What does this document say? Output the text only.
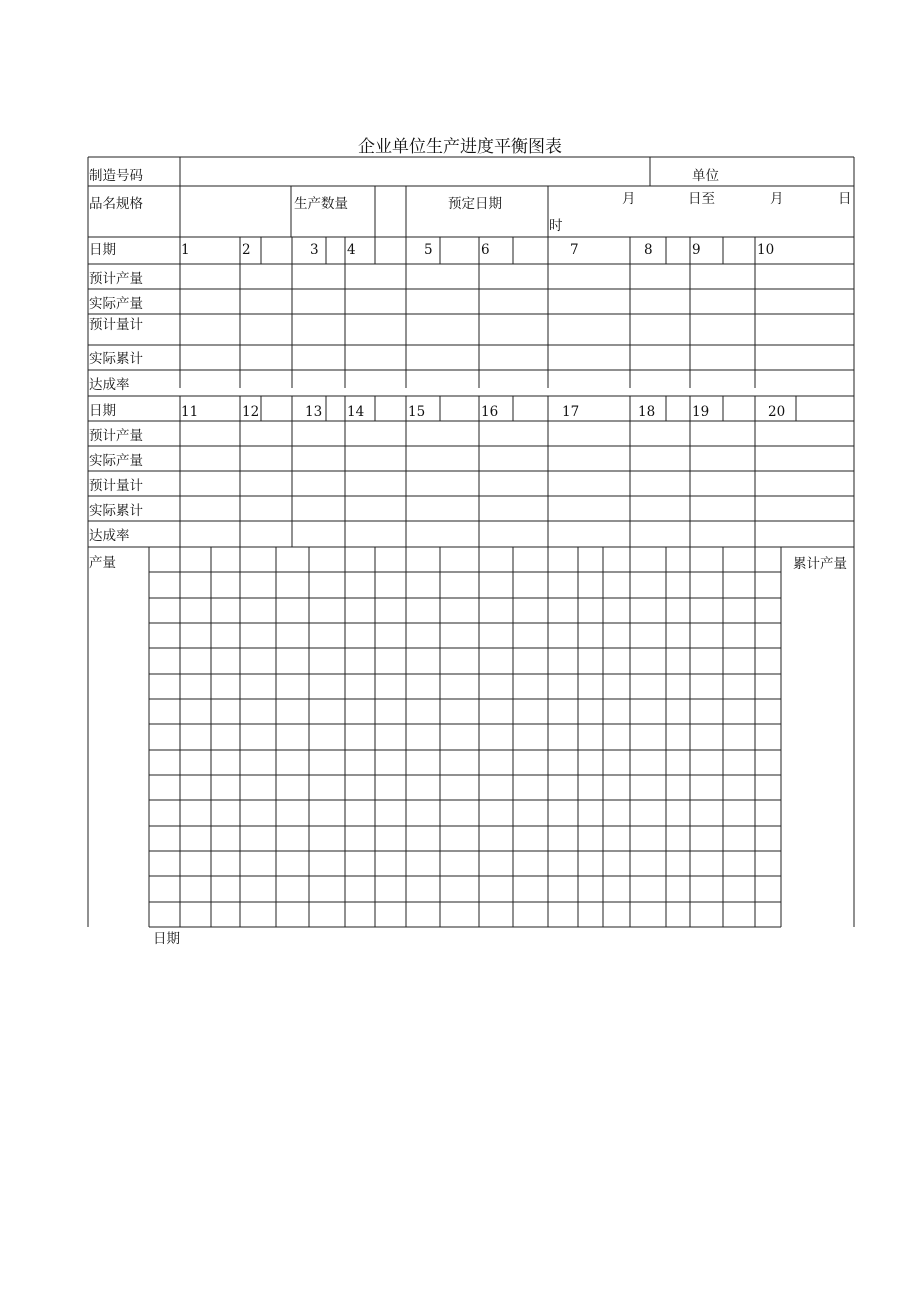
企业单位生产进度平衡图表
制造号码	单位
品名规格	生产数量	预定日期	月	日至	月	日
时
日期	1	2	3 4	5	6	7	8	9	10
预计产量
实际产量
预计量计
实际累计
达成率
日期	11	12	13 14	15	16	17	18	19	20
预计产量
实际产量
预计量计
实际累计
达成率
产量	累计产量
日期
